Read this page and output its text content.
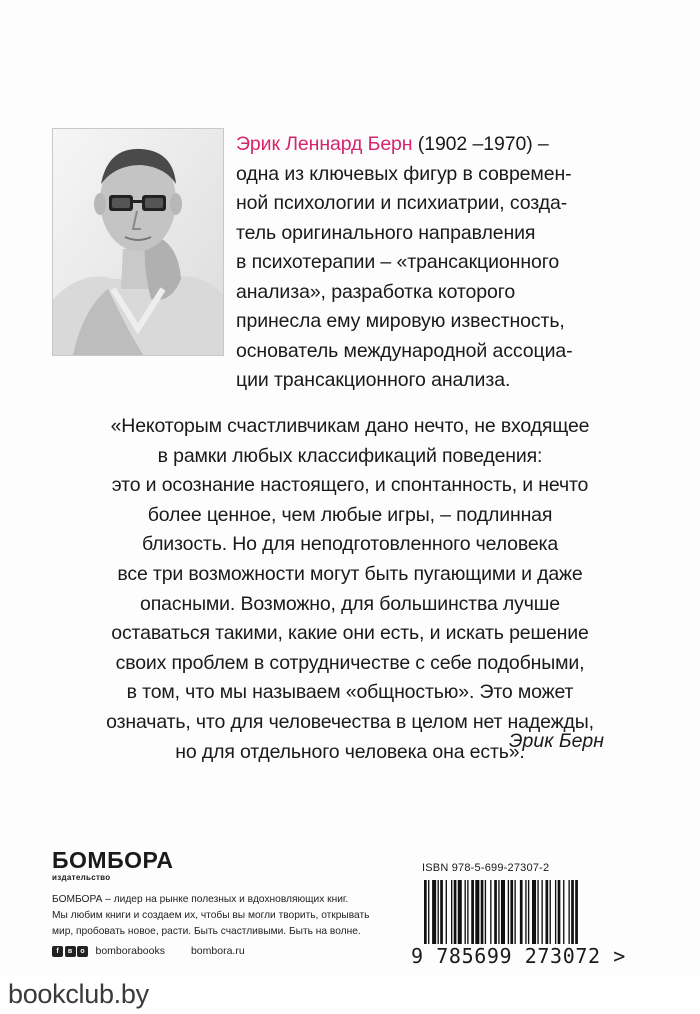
Эрик Леннард Берн (1902 –1970) –
одна из ключевых фигур в современ-
ной психологии и психиатрии, созда-
тель оригинального направления
в психотерапии – «трансакционного
анализа», разработка которого
принесла ему мировую известность,
основатель международной ассоциа-
ции трансакционного анализа.
«Некоторым счастливчикам дано нечто, не входящее
в рамки любых классификаций поведения:
это и осознание настоящего, и спонтанность, и нечто
более ценное, чем любые игры, – подлинная
близость. Но для неподготовленного человека
все три возможности могут быть пугающими и даже
опасными. Возможно, для большинства лучше
оставаться такими, какие они есть, и искать решение
своих проблем в сотрудничестве с себе подобными,
в том, что мы называем «общностью». Это может
означать, что для человечества в целом нет надежды,
но для отдельного человека она есть».
Эрик Берн
БОМБОРА
издательство
БОМБОРА – лидер на рынке полезных и вдохновляющих книг.
Мы любим книги и создаем их, чтобы вы могли творить, открывать
мир, пробовать новое, расти. Быть счастливыми. Быть на волне.
f	в	о	bomborabooks bombora.ru
ISBN 978-5-699-27307-2
9 785699 273072 >
bookclub.by
